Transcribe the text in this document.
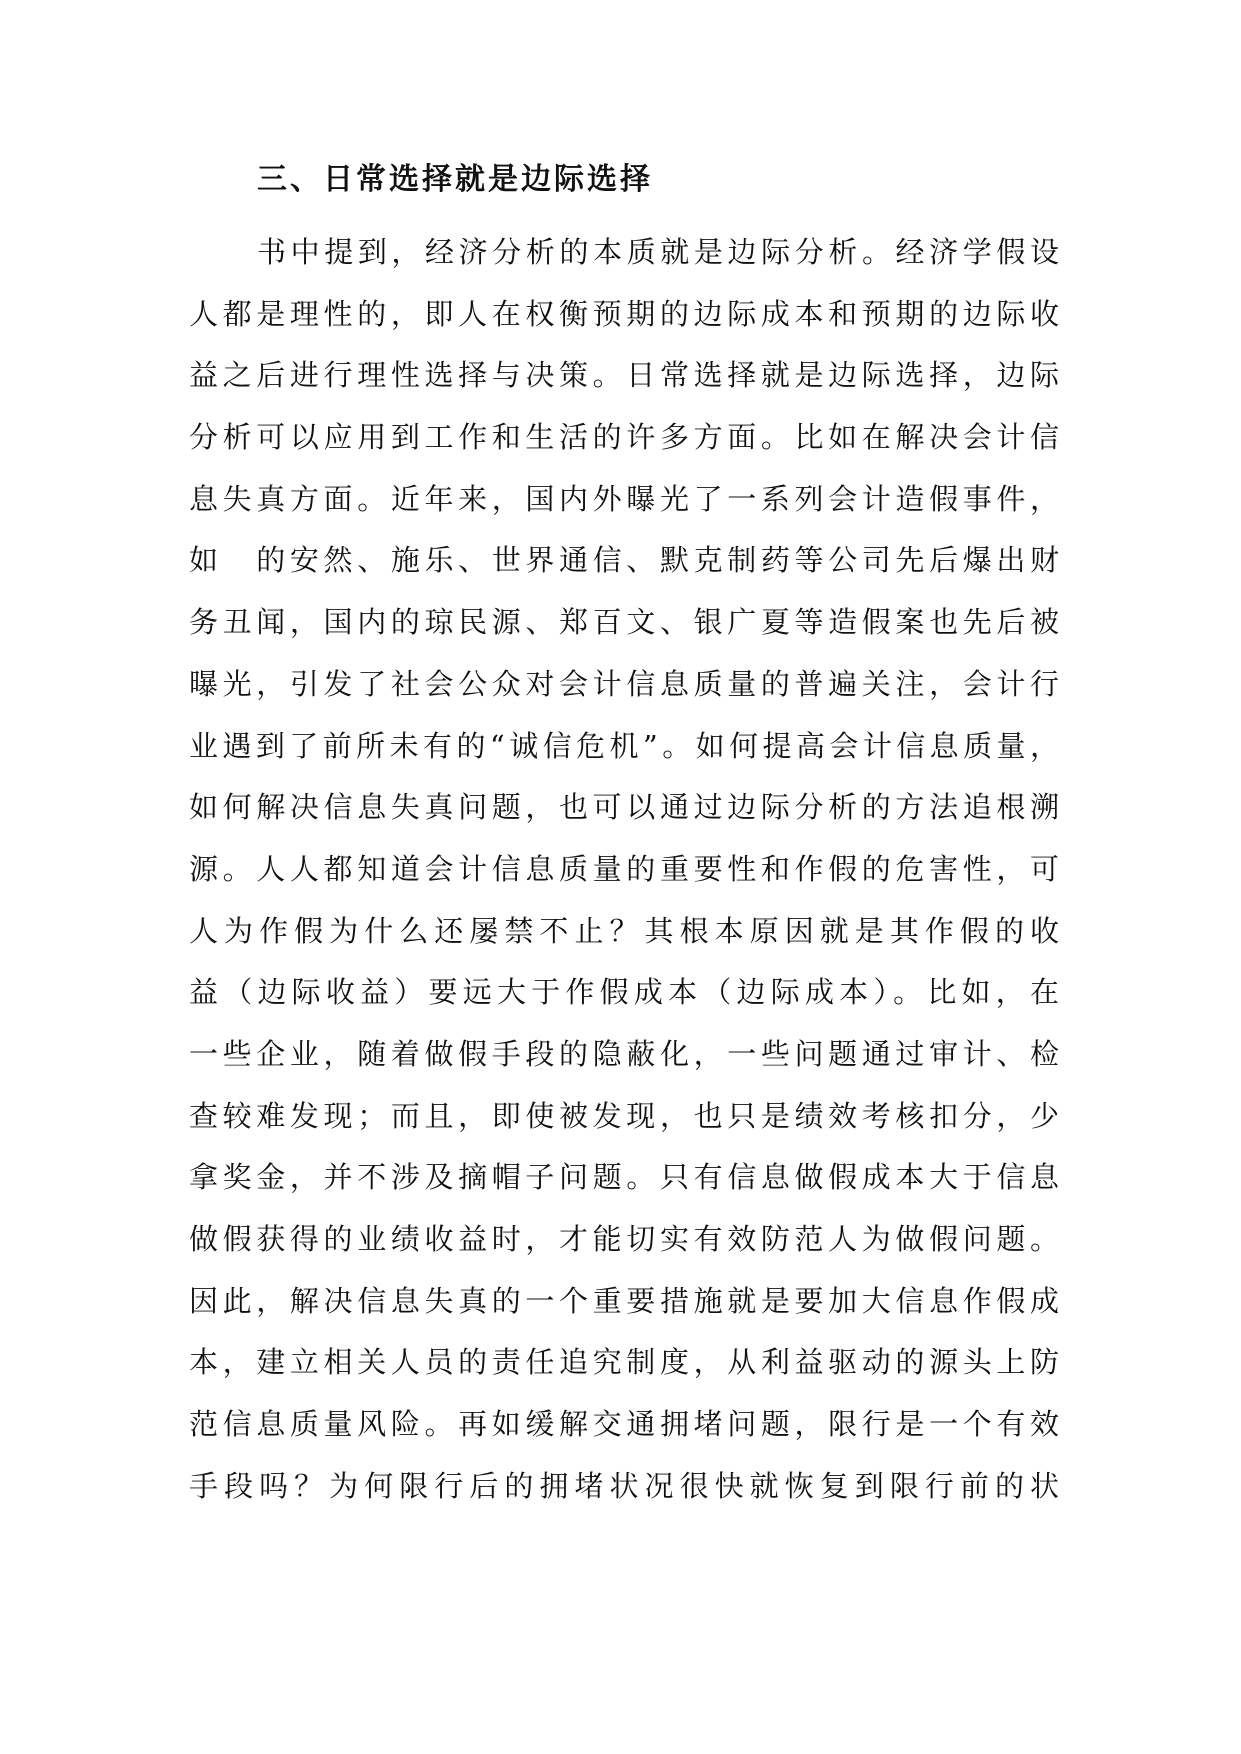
三、日常选择就是边际选择
书中提到，经济分析的本质就是边际分析。经济学假设
人都是理性的，即人在权衡预期的边际成本和预期的边际收
益之后进行理性选择与决策。日常选择就是边际选择，边际
分析可以应用到工作和生活的许多方面。比如在解决会计信
息失真方面。近年来，国内外曝光了一系列会计造假事件，
如　的安然、施乐、世界通信、默克制药等公司先后爆出财
务丑闻，国内的琼民源、郑百文、银广夏等造假案也先后被
曝光，引发了社会公众对会计信息质量的普遍关注，会计行
业遇到了前所未有的“诚信危机”。如何提高会计信息质量，
如何解决信息失真问题，也可以通过边际分析的方法追根溯
源。人人都知道会计信息质量的重要性和作假的危害性，可
人为作假为什么还屡禁不止？其根本原因就是其作假的收
益（边际收益）要远大于作假成本（边际成本）。比如，在
一些企业，随着做假手段的隐蔽化，一些问题通过审计、检
查较难发现；而且，即使被发现，也只是绩效考核扣分，少
拿奖金，并不涉及摘帽子问题。只有信息做假成本大于信息
做假获得的业绩收益时，才能切实有效防范人为做假问题。
因此，解决信息失真的一个重要措施就是要加大信息作假成
本，建立相关人员的责任追究制度，从利益驱动的源头上防
范信息质量风险。再如缓解交通拥堵问题，限行是一个有效
手段吗？为何限行后的拥堵状况很快就恢复到限行前的状
